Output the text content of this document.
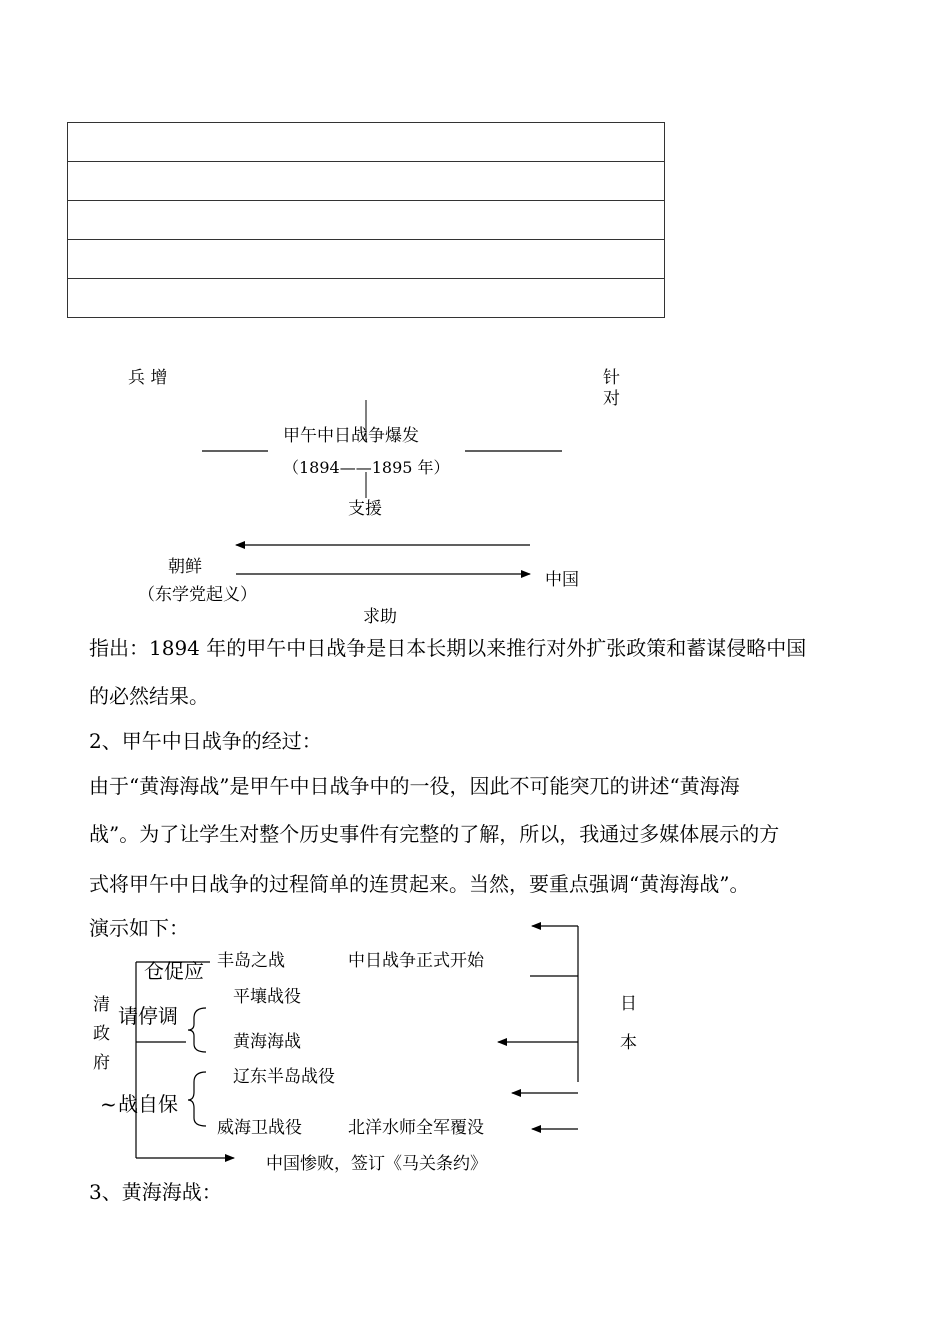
兵 增	针
对
甲午中日战争爆发
（1894——1895 年）
支援
朝鲜
（东学党起义）
中国
求助
指出：1894 年的甲午中日战争是日本长期以来推行对外扩张政策和蓄谋侵略中国
的必然结果。
2、甲午中日战争的经过：
由于“黄海海战”是甲午中日战争中的一役，因此不可能突兀的讲述“黄海海
战”。为了让学生对整个历史事件有完整的了解，所以，我通过多媒体展示的方
式将甲午中日战争的过程简单的连贯起来。当然，要重点强调“黄海海战”。
演示如下：
清
政
府
仓促应
请停调
~ 战自保
丰岛之战	中日战争正式开始
平壤战役
黄海海战
辽东半岛战役
威海卫战役	北洋水师全军覆没
日
本
中国惨败，签订《马关条约》
3、黄海海战：
